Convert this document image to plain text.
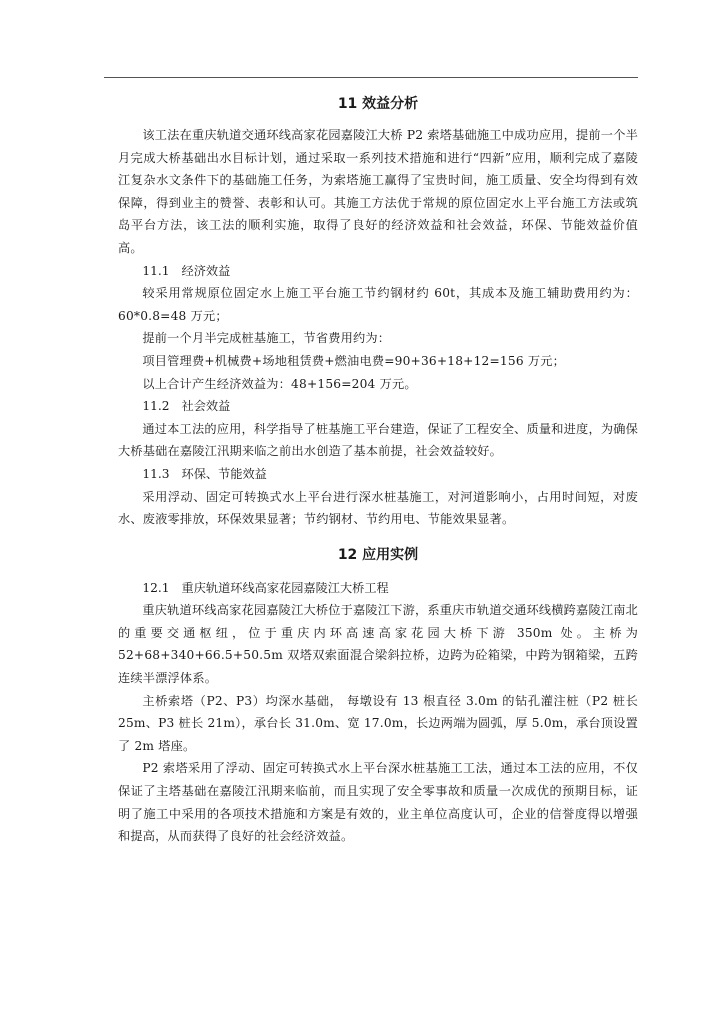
11 效益分析

该工法在重庆轨道交通环线高家花园嘉陵江大桥 P2 索塔基础施工中成功应用，提前一个半月完成大桥基础出水目标计划，通过采取一系列技术措施和进行“四新”应用，顺利完成了嘉陵江复杂水文条件下的基础施工任务，为索塔施工赢得了宝贵时间，施工质量、安全均得到有效保障，得到业主的赞誉、表彰和认可。其施工方法优于常规的原位固定水上平台施工方法或筑岛平台方法，该工法的顺利实施，取得了良好的经济效益和社会效益，环保、节能效益价值高。

11.1 经济效益

较采用常规原位固定水上施工平台施工节约钢材约 60t，其成本及施工辅助费用约为：60*0.8=48 万元；

提前一个月半完成桩基施工，节省费用约为：

项目管理费+机械费+场地租赁费+燃油电费=90+36+18+12=156 万元；

以上合计产生经济效益为：48+156=204 万元。

11.2 社会效益

通过本工法的应用，科学指导了桩基施工平台建造，保证了工程安全、质量和进度，为确保大桥基础在嘉陵江汛期来临之前出水创造了基本前提，社会效益较好。

11.3 环保、节能效益

采用浮动、固定可转换式水上平台进行深水桩基施工，对河道影响小，占用时间短，对废水、废液零排放，环保效果显著；节约钢材、节约用电、节能效果显著。

12 应用实例
12.1 重庆轨道环线高家花园嘉陵江大桥工程

重庆轨道环线高家花园嘉陵江大桥位于嘉陵江下游，系重庆市轨道交通环线横跨嘉陵江南北的重要交通枢纽，位于重庆内环高速高家花园大桥下游 350m 处。主桥为 52+68+340+66.5+50.5m 双塔双索面混合梁斜拉桥，边跨为砼箱梁，中跨为钢箱梁，五跨连续半漂浮体系。

主桥索塔（P2、P3）均深水基础， 每墩设有 13 根直径 3.0m 的钻孔灌注桩（P2 桩长 25m、P3 桩长 21m），承台长 31.0m、宽 17.0m，长边两端为圆弧，厚 5.0m，承台顶设置了 2m 塔座。

P2 索塔采用了浮动、固定可转换式水上平台深水桩基施工工法，通过本工法的应用，不仅保证了主塔基础在嘉陵江汛期来临前，而且实现了安全零事故和质量一次成优的预期目标，证明了施工中采用的各项技术措施和方案是有效的，业主单位高度认可，企业的信誉度得以增强和提高，从而获得了良好的社会经济效益。
